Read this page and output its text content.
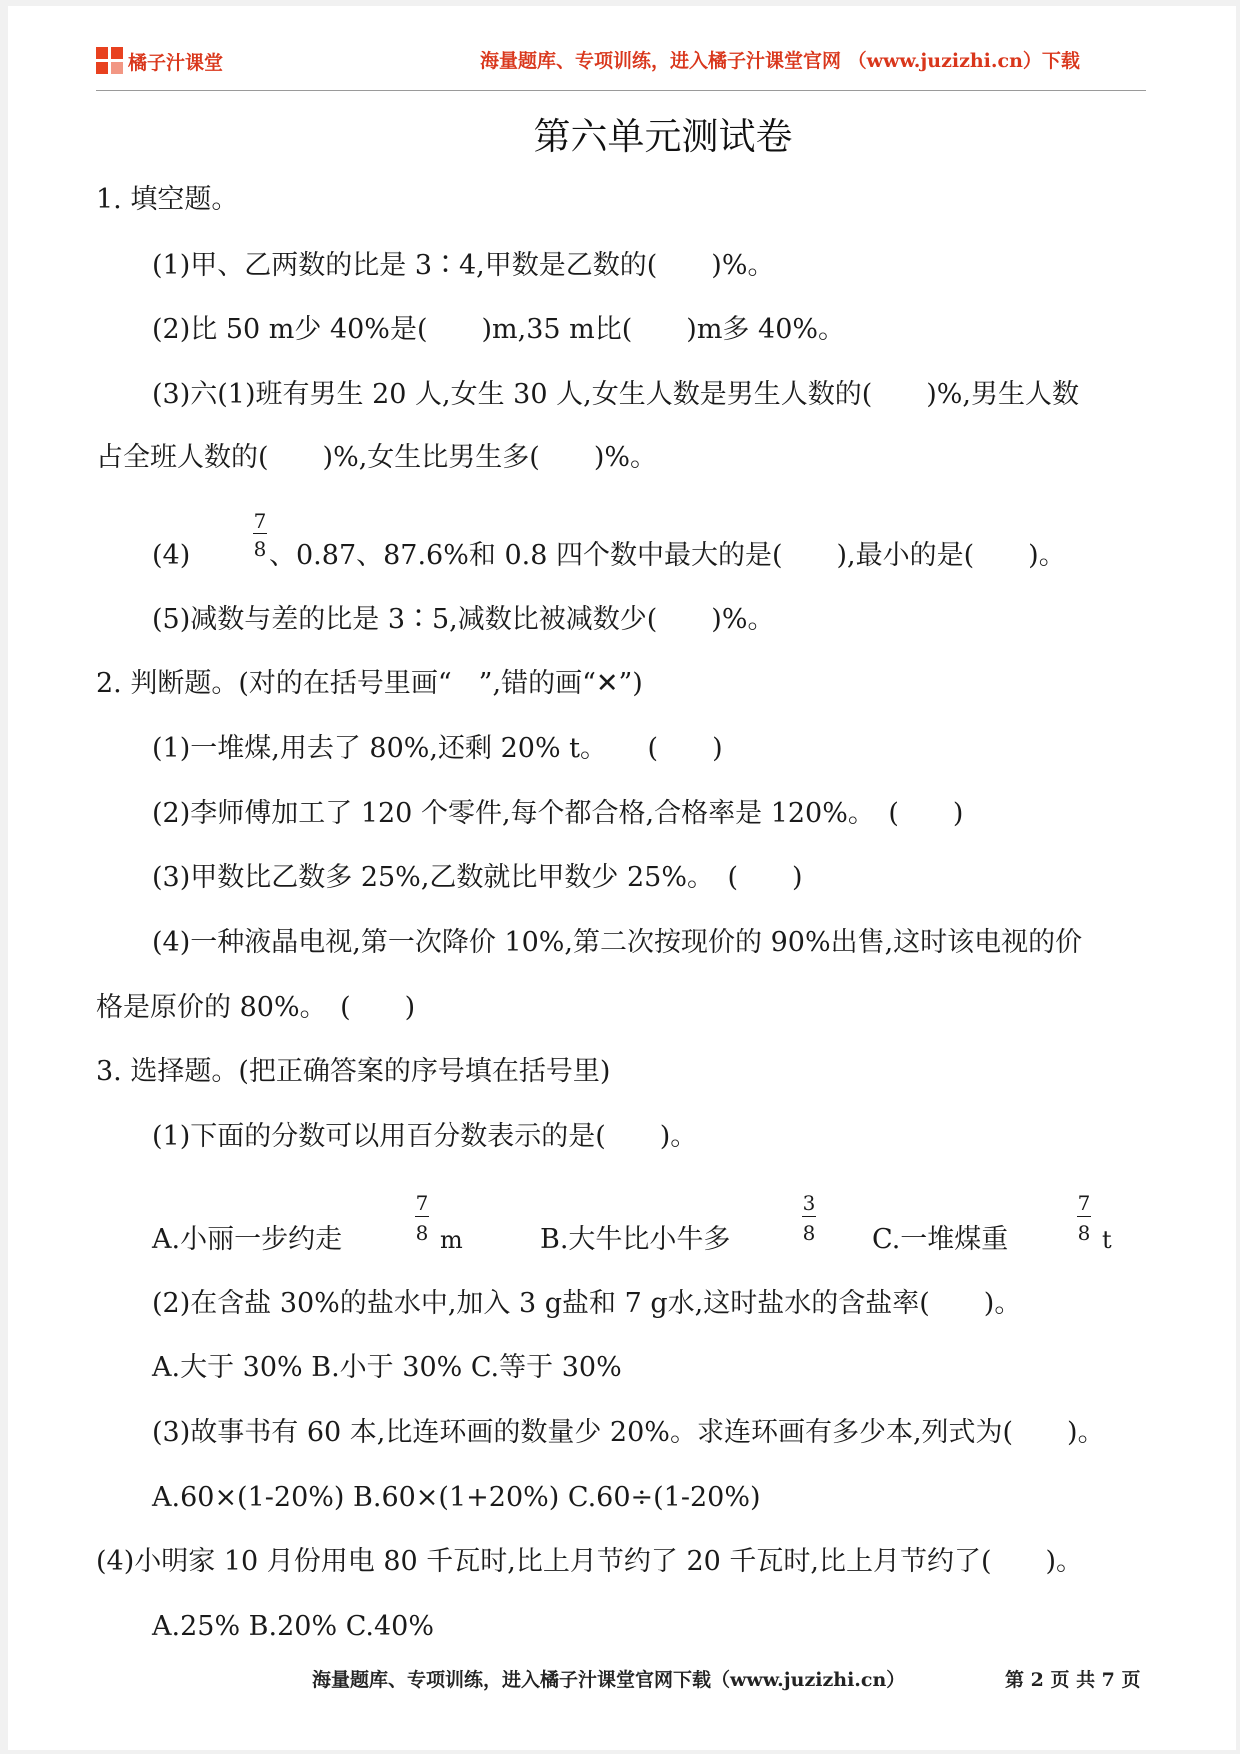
橘子汁课堂	海量题库、专项训练，进入橘子汁课堂官网 （www.juzizhi.cn）下载
第六单元测试卷
1. 填空题。
(1)甲、乙两数的比是 3∶4,甲数是乙数的(　　)%。
(2)比 50 m少 40%是(　　)m,35 m比(　　)m多 40%。
(3)六(1)班有男生 20 人,女生 30 人,女生人数是男生人数的(　　)%,男生人数
占全班人数的(　　)%,女生比男生多(　　)%。
(4)
7
8 、0.87、87.6%和 0.8 四个数中最大的是(　　),最小的是(　　)。
(5)减数与差的比是 3∶5,减数比被减数少(　　)%。
2. 判断题。(对的在括号里画“　”,错的画“✕”)
(1)一堆煤,用去了 80%,还剩 20% t。　　(　　)
(2)李师傅加工了 120 个零件,每个都合格,合格率是 120%。　(　　)
(3)甲数比乙数多 25%,乙数就比甲数少 25%。　(　　)
(4)一种液晶电视,第一次降价 10%,第二次按现价的 90%出售,这时该电视的价
格是原价的 80%。　(　　)
3. 选择题。(把正确答案的序号填在括号里)
(1)下面的分数可以用百分数表示的是(　　)。
A.小丽一步约走
7
8 m	B.大牛比小牛多
3
8 C.一堆煤重
7
8 t
(2)在含盐 30%的盐水中,加入 3 g盐和 7 g水,这时盐水的含盐率(　　)。
A.大于 30% B.小于 30% C.等于 30%
(3)故事书有 60 本,比连环画的数量少 20%。求连环画有多少本,列式为(　　)。
A.60×(1-20%) B.60×(1+20%) C.60÷(1-20%)
(4)小明家 10 月份用电 80 千瓦时,比上月节约了 20 千瓦时,比上月节约了(　　)。
A.25% B.20% C.40%
海量题库、专项训练，进入橘子汁课堂官网下载（www.juzizhi.cn）	第 2 页 共 7 页
